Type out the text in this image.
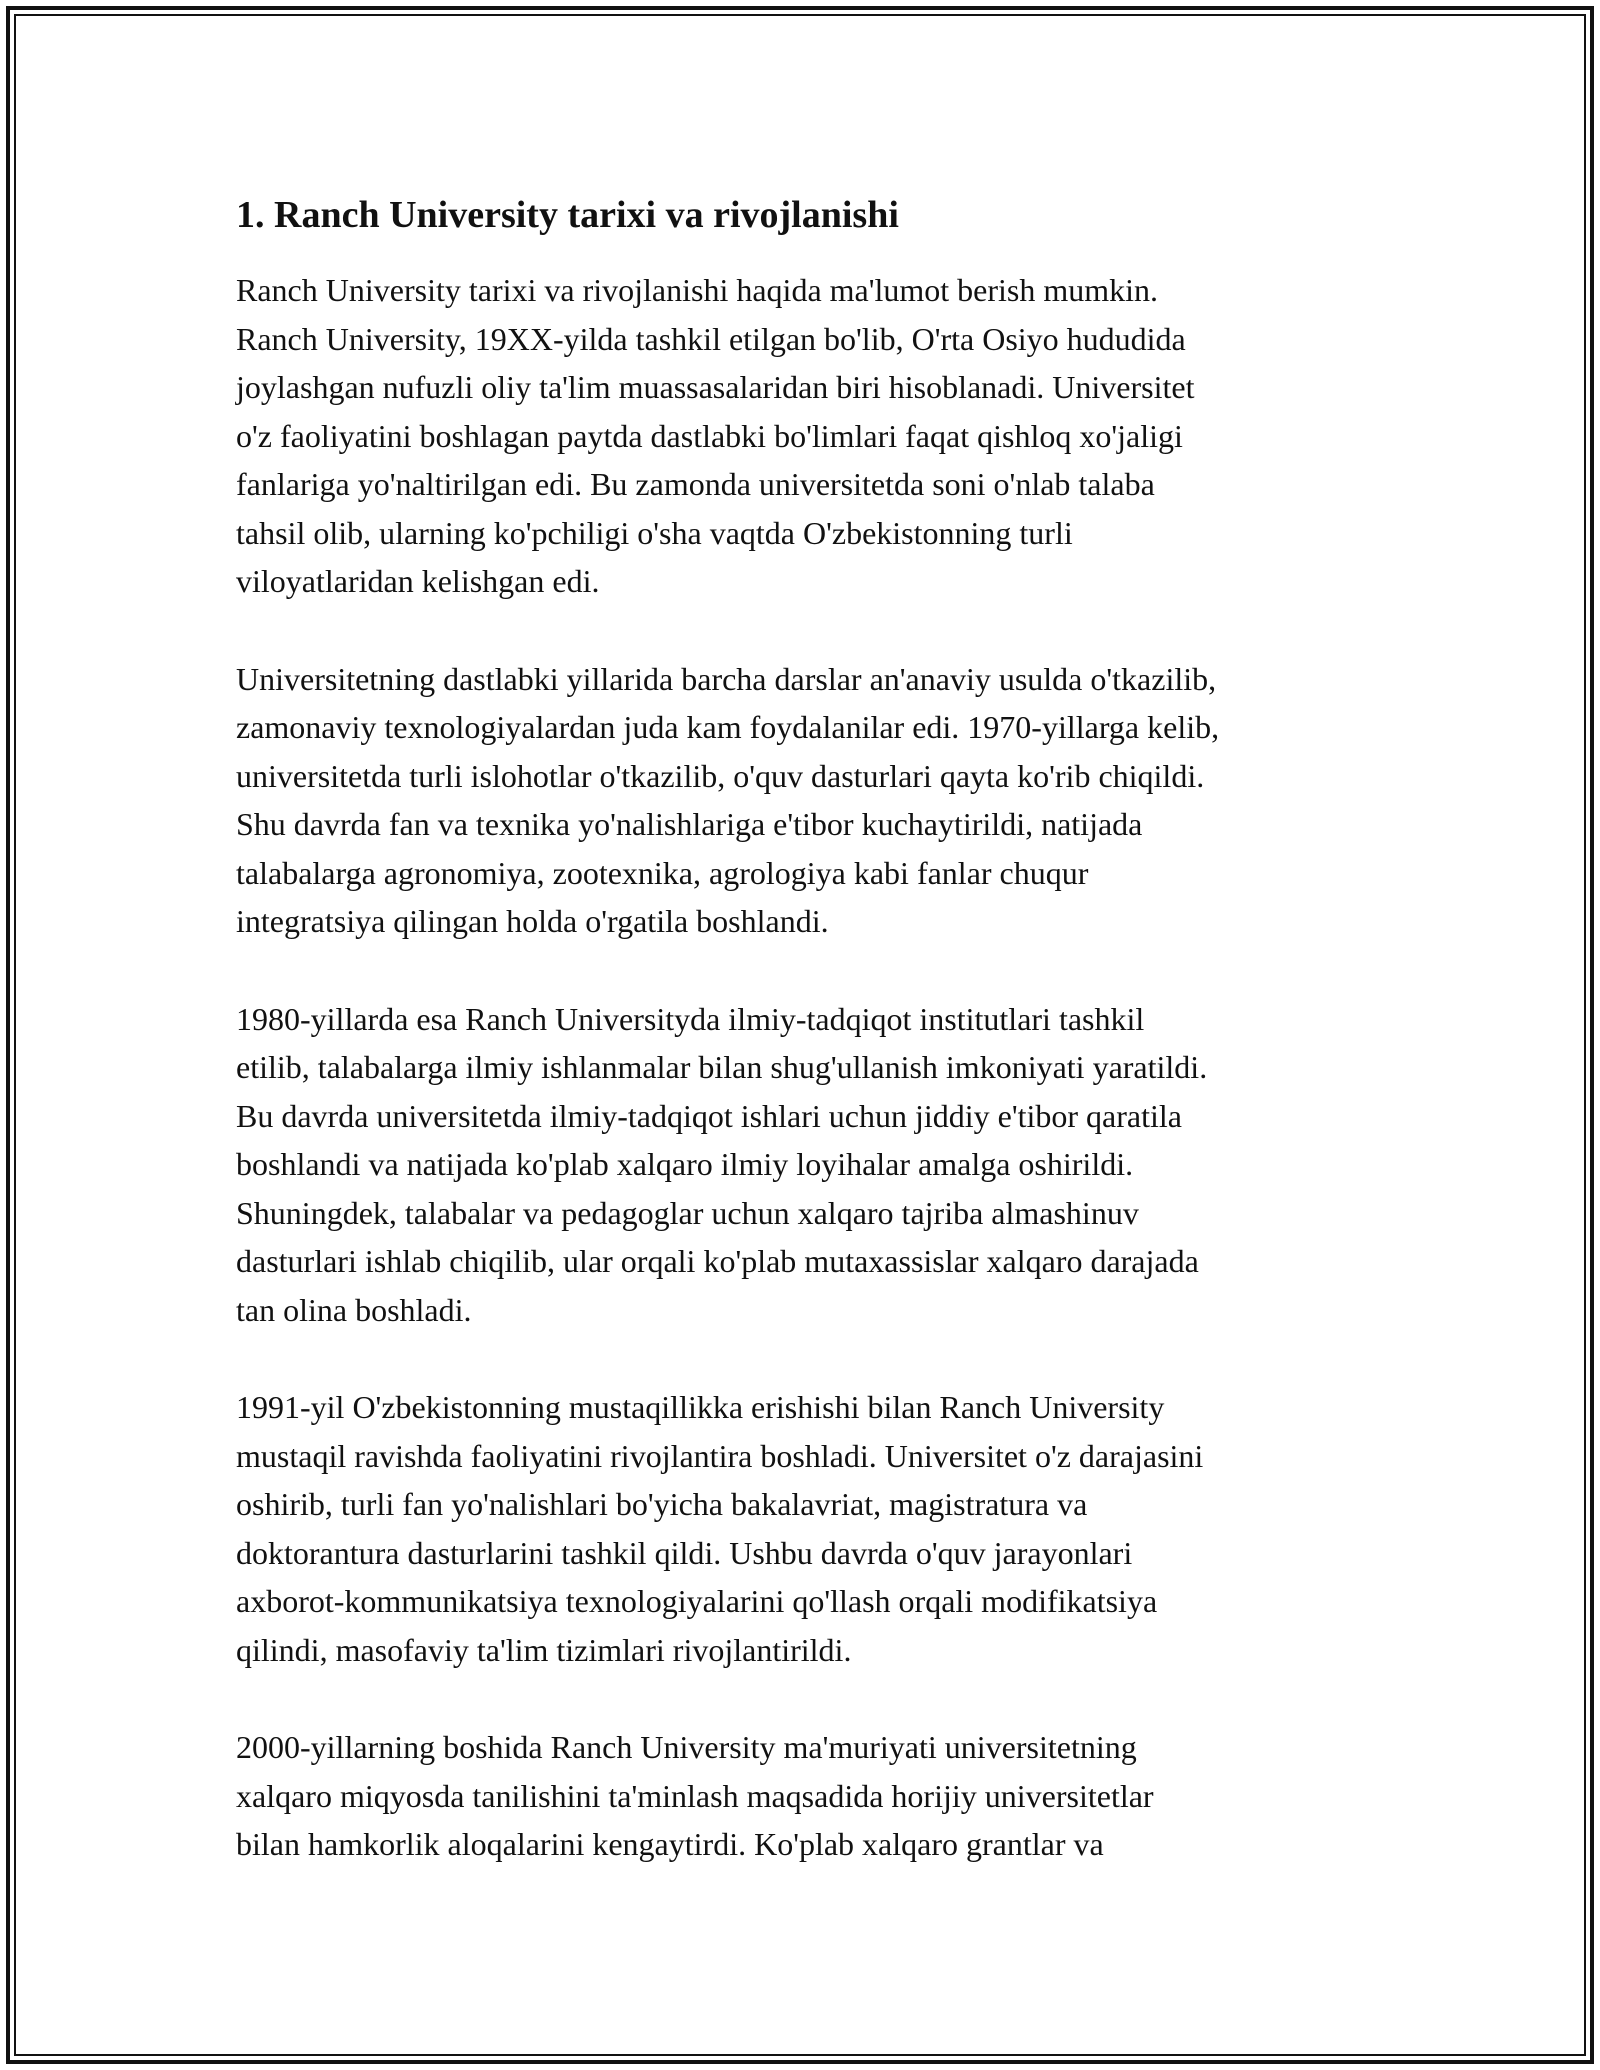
1. Ranch University tarixi va rivojlanishi

Ranch University tarixi va rivojlanishi haqida ma'lumot berish mumkin.
Ranch University, 19XX-yilda tashkil etilgan bo'lib, O'rta Osiyo hududida
joylashgan nufuzli oliy ta'lim muassasalaridan biri hisoblanadi. Universitet
o'z faoliyatini boshlagan paytda dastlabki bo'limlari faqat qishloq xo'jaligi
fanlariga yo'naltirilgan edi. Bu zamonda universitetda soni o'nlab talaba
tahsil olib, ularning ko'pchiligi o'sha vaqtda O'zbekistonning turli
viloyatlaridan kelishgan edi.

Universitetning dastlabki yillarida barcha darslar an'anaviy usulda o'tkazilib,
zamonaviy texnologiyalardan juda kam foydalanilar edi. 1970-yillarga kelib,
universitetda turli islohotlar o'tkazilib, o'quv dasturlari qayta ko'rib chiqildi.
Shu davrda fan va texnika yo'nalishlariga e'tibor kuchaytirildi, natijada
talabalarga agronomiya, zootexnika, agrologiya kabi fanlar chuqur
integratsiya qilingan holda o'rgatila boshlandi.

1980-yillarda esa Ranch Universityda ilmiy-tadqiqot institutlari tashkil
etilib, talabalarga ilmiy ishlanmalar bilan shug'ullanish imkoniyati yaratildi.
Bu davrda universitetda ilmiy-tadqiqot ishlari uchun jiddiy e'tibor qaratila
boshlandi va natijada ko'plab xalqaro ilmiy loyihalar amalga oshirildi.
Shuningdek, talabalar va pedagoglar uchun xalqaro tajriba almashinuv
dasturlari ishlab chiqilib, ular orqali ko'plab mutaxassislar xalqaro darajada
tan olina boshladi.

1991-yil O'zbekistonning mustaqillikka erishishi bilan Ranch University
mustaqil ravishda faoliyatini rivojlantira boshladi. Universitet o'z darajasini
oshirib, turli fan yo'nalishlari bo'yicha bakalavriat, magistratura va
doktorantura dasturlarini tashkil qildi. Ushbu davrda o'quv jarayonlari
axborot-kommunikatsiya texnologiyalarini qo'llash orqali modifikatsiya
qilindi, masofaviy ta'lim tizimlari rivojlantirildi.

2000-yillarning boshida Ranch University ma'muriyati universitetning
xalqaro miqyosda tanilishini ta'minlash maqsadida horijiy universitetlar
bilan hamkorlik aloqalarini kengaytirdi. Ko'plab xalqaro grantlar va
